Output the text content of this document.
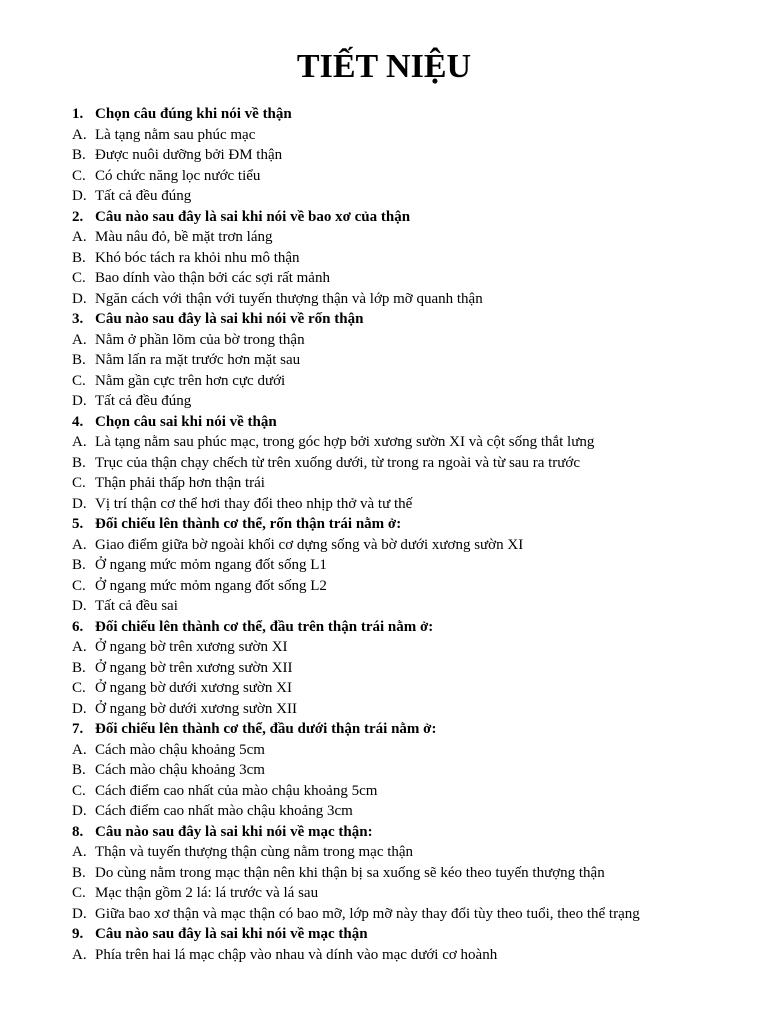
TIẾT NIỆU
1. Chọn câu đúng khi nói về thận
A. Là tạng nằm sau phúc mạc
B. Được nuôi dưỡng bởi ĐM thận
C. Có chức năng lọc nước tiểu
D. Tất cả đều đúng
2. Câu nào sau đây là sai khi nói về bao xơ của thận
A. Màu nâu đỏ, bề mặt trơn láng
B. Khó bóc tách ra khỏi nhu mô thận
C. Bao dính vào thận bởi các sợi rất mảnh
D. Ngăn cách với thận với tuyến thượng thận và lớp mỡ quanh thận
3. Câu nào sau đây là sai khi nói về rốn thận
A. Nằm ở phần lõm của bờ trong thận
B. Nằm lấn ra mặt trước hơn mặt sau
C. Nằm gần cực trên hơn cực dưới
D. Tất cả đều đúng
4. Chọn câu sai khi nói về thận
A. Là tạng nằm sau phúc mạc, trong góc hợp bởi xương sườn XI và cột sống thắt lưng
B. Trục của thận chạy chếch từ trên xuống dưới, từ trong ra ngoài và từ sau ra trước
C. Thận phải thấp hơn thận trái
D. Vị trí thận cơ thể hơi thay đổi theo nhịp thở và tư thế
5. Đối chiếu lên thành cơ thể, rốn thận trái nằm ở:
A. Giao điểm giữa bờ ngoài khối cơ dựng sống và bờ dưới xương sườn XI
B. Ở ngang mức mỏm ngang đốt sống L1
C. Ở ngang mức mỏm ngang đốt sống L2
D. Tất cả đều sai
6. Đối chiếu lên thành cơ thể, đầu trên thận trái nằm ở:
A. Ở ngang bờ trên xương sườn XI
B. Ở ngang bờ trên xương sườn XII
C. Ở ngang bờ dưới xương sườn XI
D. Ở ngang bờ dưới xương sườn XII
7. Đối chiếu lên thành cơ thể, đầu dưới thận trái nằm ở:
A. Cách mào chậu khoảng 5cm
B. Cách mào chậu khoảng 3cm
C. Cách điểm cao nhất của mào chậu khoảng 5cm
D. Cách điểm cao nhất mào chậu khoảng 3cm
8. Câu nào sau đây là sai khi nói về mạc thận:
A. Thận và tuyến thượng thận cùng nằm trong mạc thận
B. Do cùng nằm trong mạc thận nên khi thận bị sa xuống sẽ kéo theo tuyến thượng thận
C. Mạc thận gồm 2 lá: lá trước và lá sau
D. Giữa bao xơ thận và mạc thận có bao mỡ, lớp mỡ này thay đổi tùy theo tuổi, theo thể trạng
9. Câu nào sau đây là sai khi nói về mạc thận
A. Phía trên hai lá mạc chập vào nhau và dính vào mạc dưới cơ hoành
